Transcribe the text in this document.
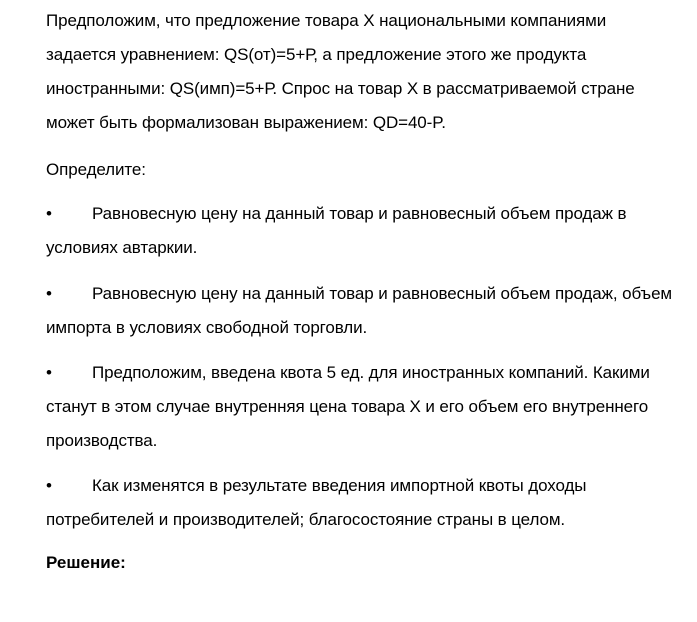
Предположим, что предложение товара Х национальными компаниями задается уравнением: QS(от)=5+Р, а предложение этого же продукта иностранными: QS(имп)=5+Р. Спрос на товар Х в рассматриваемой стране может быть формализован выражением: QD=40-P.
Определите:
• Равновесную цену на данный товар и равновесный объем продаж в условиях автаркии.
• Равновесную цену на данный товар и равновесный объем продаж, объем импорта в условиях свободной торговли.
• Предположим, введена квота 5 ед. для иностранных компаний. Какими станут в этом случае внутренняя цена товара Х и его объем его внутреннего производства.
• Как изменятся в результате введения импортной квоты доходы потребителей и производителей; благосостояние страны в целом.
Решение:
